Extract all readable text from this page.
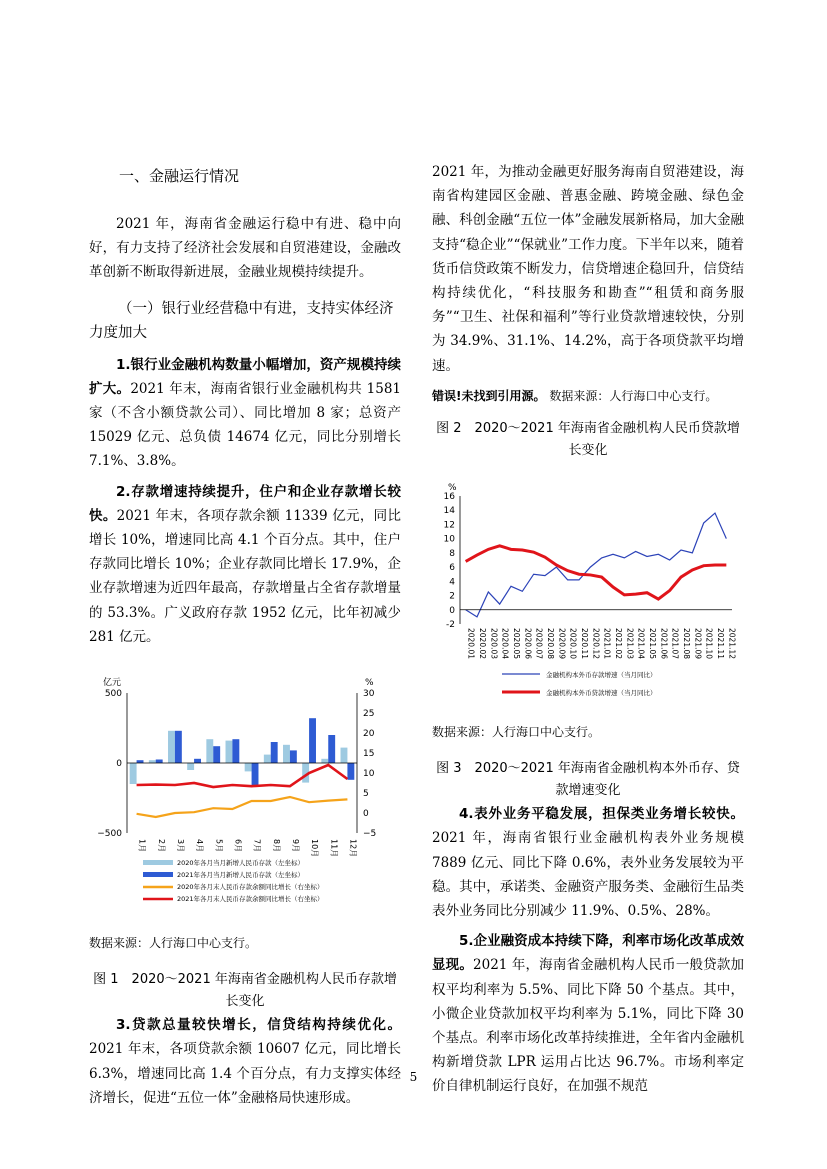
一、金融运行情况

2021 年，海南省金融运行稳中有进、稳中向好，有力支持了经济社会发展和自贸港建设，金融改革创新不断取得新进展，金融业规模持续提升。

（一）银行业经营稳中有进，支持实体经济力度加大

1.银行业金融机构数量小幅增加，资产规模持续扩大。2021 年末，海南省银行业金融机构共 1581 家（不含小额贷款公司）、同比增加 8 家；总资产 15029 亿元、总负债 14674 亿元，同比分别增长 7.1%、3.8%。

2.存款增速持续提升，住户和企业存款增长较快。2021 年末，各项存款余额 11339 亿元，同比增长 10%，增速同比高 4.1 个百分点。其中，住户存款同比增长 10%；企业存款同比增长 17.9%，企业存款增速为近四年最高，存款增量占全省存款增量的 53.3%。广义政府存款 1952 亿元，比年初减少 281 亿元。

亿元	%
500
0
−500
30
25
20
15
10
5
0
−5
1月 2月 3月 4月 5月 6月 7月 8月 9月 10月 11月 12月
2020年各月当月新增人民币存款（左坐标）
2021年各月当月新增人民币存款（左坐标）
2020年各月末人民币存款余额同比增长（右坐标）
2021年各月末人民币存款余额同比增长（右坐标）

数据来源：人行海口中心支行。

图 1　2020～2021 年海南省金融机构人民币存款增长变化

3.贷款总量较快增长，信贷结构持续优化。2021 年末，各项贷款余额 10607 亿元，同比增长 6.3%，增速同比高 1.4 个百分点，有力支撑实体经济增长，促进“五位一体”金融格局快速形成。

2021 年，为推动金融更好服务海南自贸港建设，海南省构建园区金融、普惠金融、跨境金融、绿色金融、科创金融“五位一体”金融发展新格局，加大金融支持“稳企业”“保就业”工作力度。下半年以来，随着货币信贷政策不断发力，信贷增速企稳回升，信贷结构持续优化，“科技服务和勘查”“租赁和商务服务”“卫生、社保和福利”等行业贷款增速较快，分别为 34.9%、31.1%、14.2%，高于各项贷款平均增速。

错误!未找到引用源。 数据来源：人行海口中心支行。

图 2　2020～2021 年海南省金融机构人民币贷款增长变化

%
16
14
12
10
8
6
4
2
0
-2
2020.01 2020.02 2020.03 2020.04 2020.05 2020.06 2020.07 2020.08 2020.09 2020.10 2020.11 2020.12 2021.01 2021.02 2021.03 2021.04 2021.05 2021.06 2021.07 2021.08 2021.09 2021.10 2021.11 2021.12
金融机构本外币存款增速（当月同比）
金融机构本外币贷款增速（当月同比）

数据来源：人行海口中心支行。

图 3　2020～2021 年海南省金融机构本外币存、贷款增速变化

4.表外业务平稳发展，担保类业务增长较快。2021 年，海南省银行业金融机构表外业务规模 7889 亿元、同比下降 0.6%，表外业务发展较为平稳。其中，承诺类、金融资产服务类、金融衍生品类表外业务同比分别减少 11.9%、0.5%、28%。

5.企业融资成本持续下降，利率市场化改革成效显现。2021 年，海南省金融机构人民币一般贷款加权平均利率为 5.5%、同比下降 50 个基点。其中，小微企业贷款加权平均利率为 5.1%，同比下降 30 个基点。利率市场化改革持续推进，全年省内金融机构新增贷款 LPR 运用占比达 96.7%。市场利率定价自律机制运行良好，在加强不规范

5
